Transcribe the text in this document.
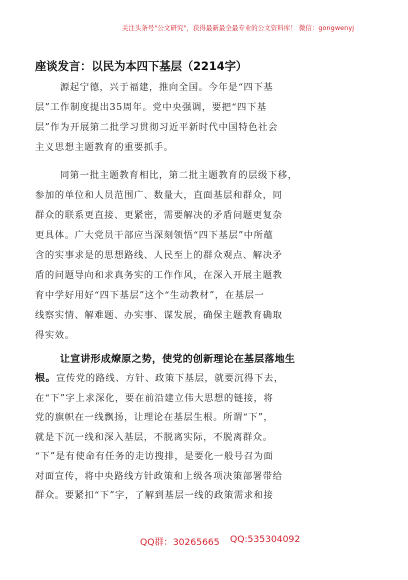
关注头条号"公文研究"，获得最新最全最专业的公文资料库！ 微信：gongwenyj
座谈发言：以民为本四下基层（2214字）
源起宁德，兴于福建，推向全国。今年是“四下基
层”工作制度提出35周年。党中央强调，要把“四下基
层”作为开展第二批学习贯彻习近平新时代中国特色社会
主义思想主题教育的重要抓手。
同第一批主题教育相比，第二批主题教育的层级下移，
参加的单位和人员范围广、数量大，直面基层和群众，同
群众的联系更直接、更紧密，需要解决的矛盾问题更复杂
更具体。广大党员干部应当深刻领悟“四下基层”中所蕴
含的实事求是的思想路线、人民至上的群众观点、解决矛
盾的问题导向和求真务实的工作作风，在深入开展主题教
育中学好用好“四下基层”这个“生动教材”，在基层一
线察实情、解难题、办实事、谋发展，确保主题教育确取
得实效。
让宣讲形成燎原之势，使党的创新理论在基层落地生
根。宣传党的路线、方针、政策下基层，就要沉得下去，
在“下”字上求深化，要在前沿建立伟大思想的链接，将
党的旗帜在一线飘扬，让理论在基层生根。所谓“下”，
就是下沉一线和深入基层，不脱离实际，不脱离群众。
“下”是有使命有任务的走访搜排，是要化一般号召为面
对面宣传，将中央路线方针政策和上级各项决策部署带给
群众。要紧扣“下”字，了解到基层一线的政策需求和接
QQ群：30265665 QQ:535304092
